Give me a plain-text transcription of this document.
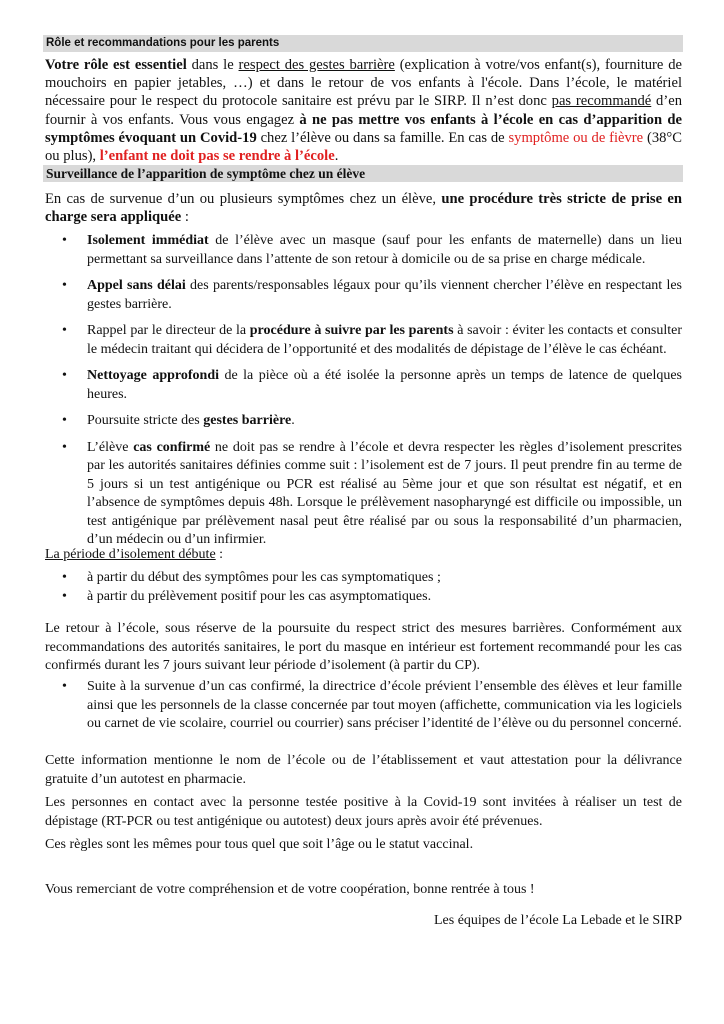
Rôle et recommandations pour les parents

Votre rôle est essentiel dans le respect des gestes barrière (explication à votre/vos enfant(s), fourniture de mouchoirs en papier jetables, …) et dans le retour de vos enfants à l'école. Dans l’école, le matériel nécessaire pour le respect du protocole sanitaire est prévu par le SIRP. Il n’est donc pas recommandé d’en fournir à vos enfants. Vous vous engagez à ne pas mettre vos enfants à l’école en cas d’apparition de symptômes évoquant un Covid-19 chez l’élève ou dans sa famille. En cas de symptôme ou de fièvre (38°C ou plus), l’enfant ne doit pas se rendre à l’école.

Surveillance de l’apparition de symptôme chez un élève

En cas de survenue d’un ou plusieurs symptômes chez un élève, une procédure très stricte de prise en charge sera appliquée :

• Isolement immédiat de l’élève avec un masque (sauf pour les enfants de maternelle) dans un lieu permettant sa surveillance dans l’attente de son retour à domicile ou de sa prise en charge médicale.
• Appel sans délai des parents/responsables légaux pour qu’ils viennent chercher l’élève en respectant les gestes barrière.
• Rappel par le directeur de la procédure à suivre par les parents à savoir : éviter les contacts et consulter le médecin traitant qui décidera de l’opportunité et des modalités de dépistage de l’élève le cas échéant.
• Nettoyage approfondi de la pièce où a été isolée la personne après un temps de latence de quelques heures.
• Poursuite stricte des gestes barrière.
• L’élève cas confirmé ne doit pas se rendre à l’école et devra respecter les règles d’isolement prescrites par les autorités sanitaires définies comme suit : l’isolement est de 7 jours. Il peut prendre fin au terme de 5 jours si un test antigénique ou PCR est réalisé au 5ème jour et que son résultat est négatif, et en l’absence de symptômes depuis 48h. Lorsque le prélèvement nasopharyngé est difficile ou impossible, un test antigénique par prélèvement nasal peut être réalisé par ou sous la responsabilité d’un pharmacien, d’un médecin ou d’un infirmier.

La période d’isolement débute :

• à partir du début des symptômes pour les cas symptomatiques ;
• à partir du prélèvement positif pour les cas asymptomatiques.

Le retour à l’école, sous réserve de la poursuite du respect strict des mesures barrières. Conformément aux recommandations des autorités sanitaires, le port du masque en intérieur est fortement recommandé pour les cas confirmés durant les 7 jours suivant leur période d’isolement (à partir du CP).

• Suite à la survenue d’un cas confirmé, la directrice d’école prévient l’ensemble des élèves et leur famille ainsi que les personnels de la classe concernée par tout moyen (affichette, communication via les logiciels ou carnet de vie scolaire, courriel ou courrier) sans préciser l’identité de l’élève ou du personnel concerné.

Cette information mentionne le nom de l’école ou de l’établissement et vaut attestation pour la délivrance gratuite d’un autotest en pharmacie.

Les personnes en contact avec la personne testée positive à la Covid-19 sont invitées à réaliser un test de dépistage (RT-PCR ou test antigénique ou autotest) deux jours après avoir été prévenues.

Ces règles sont les mêmes pour tous quel que soit l’âge ou le statut vaccinal.

Vous remerciant de votre compréhension et de votre coopération, bonne rentrée à tous !

Les équipes de l’école La Lebade et le SIRP
